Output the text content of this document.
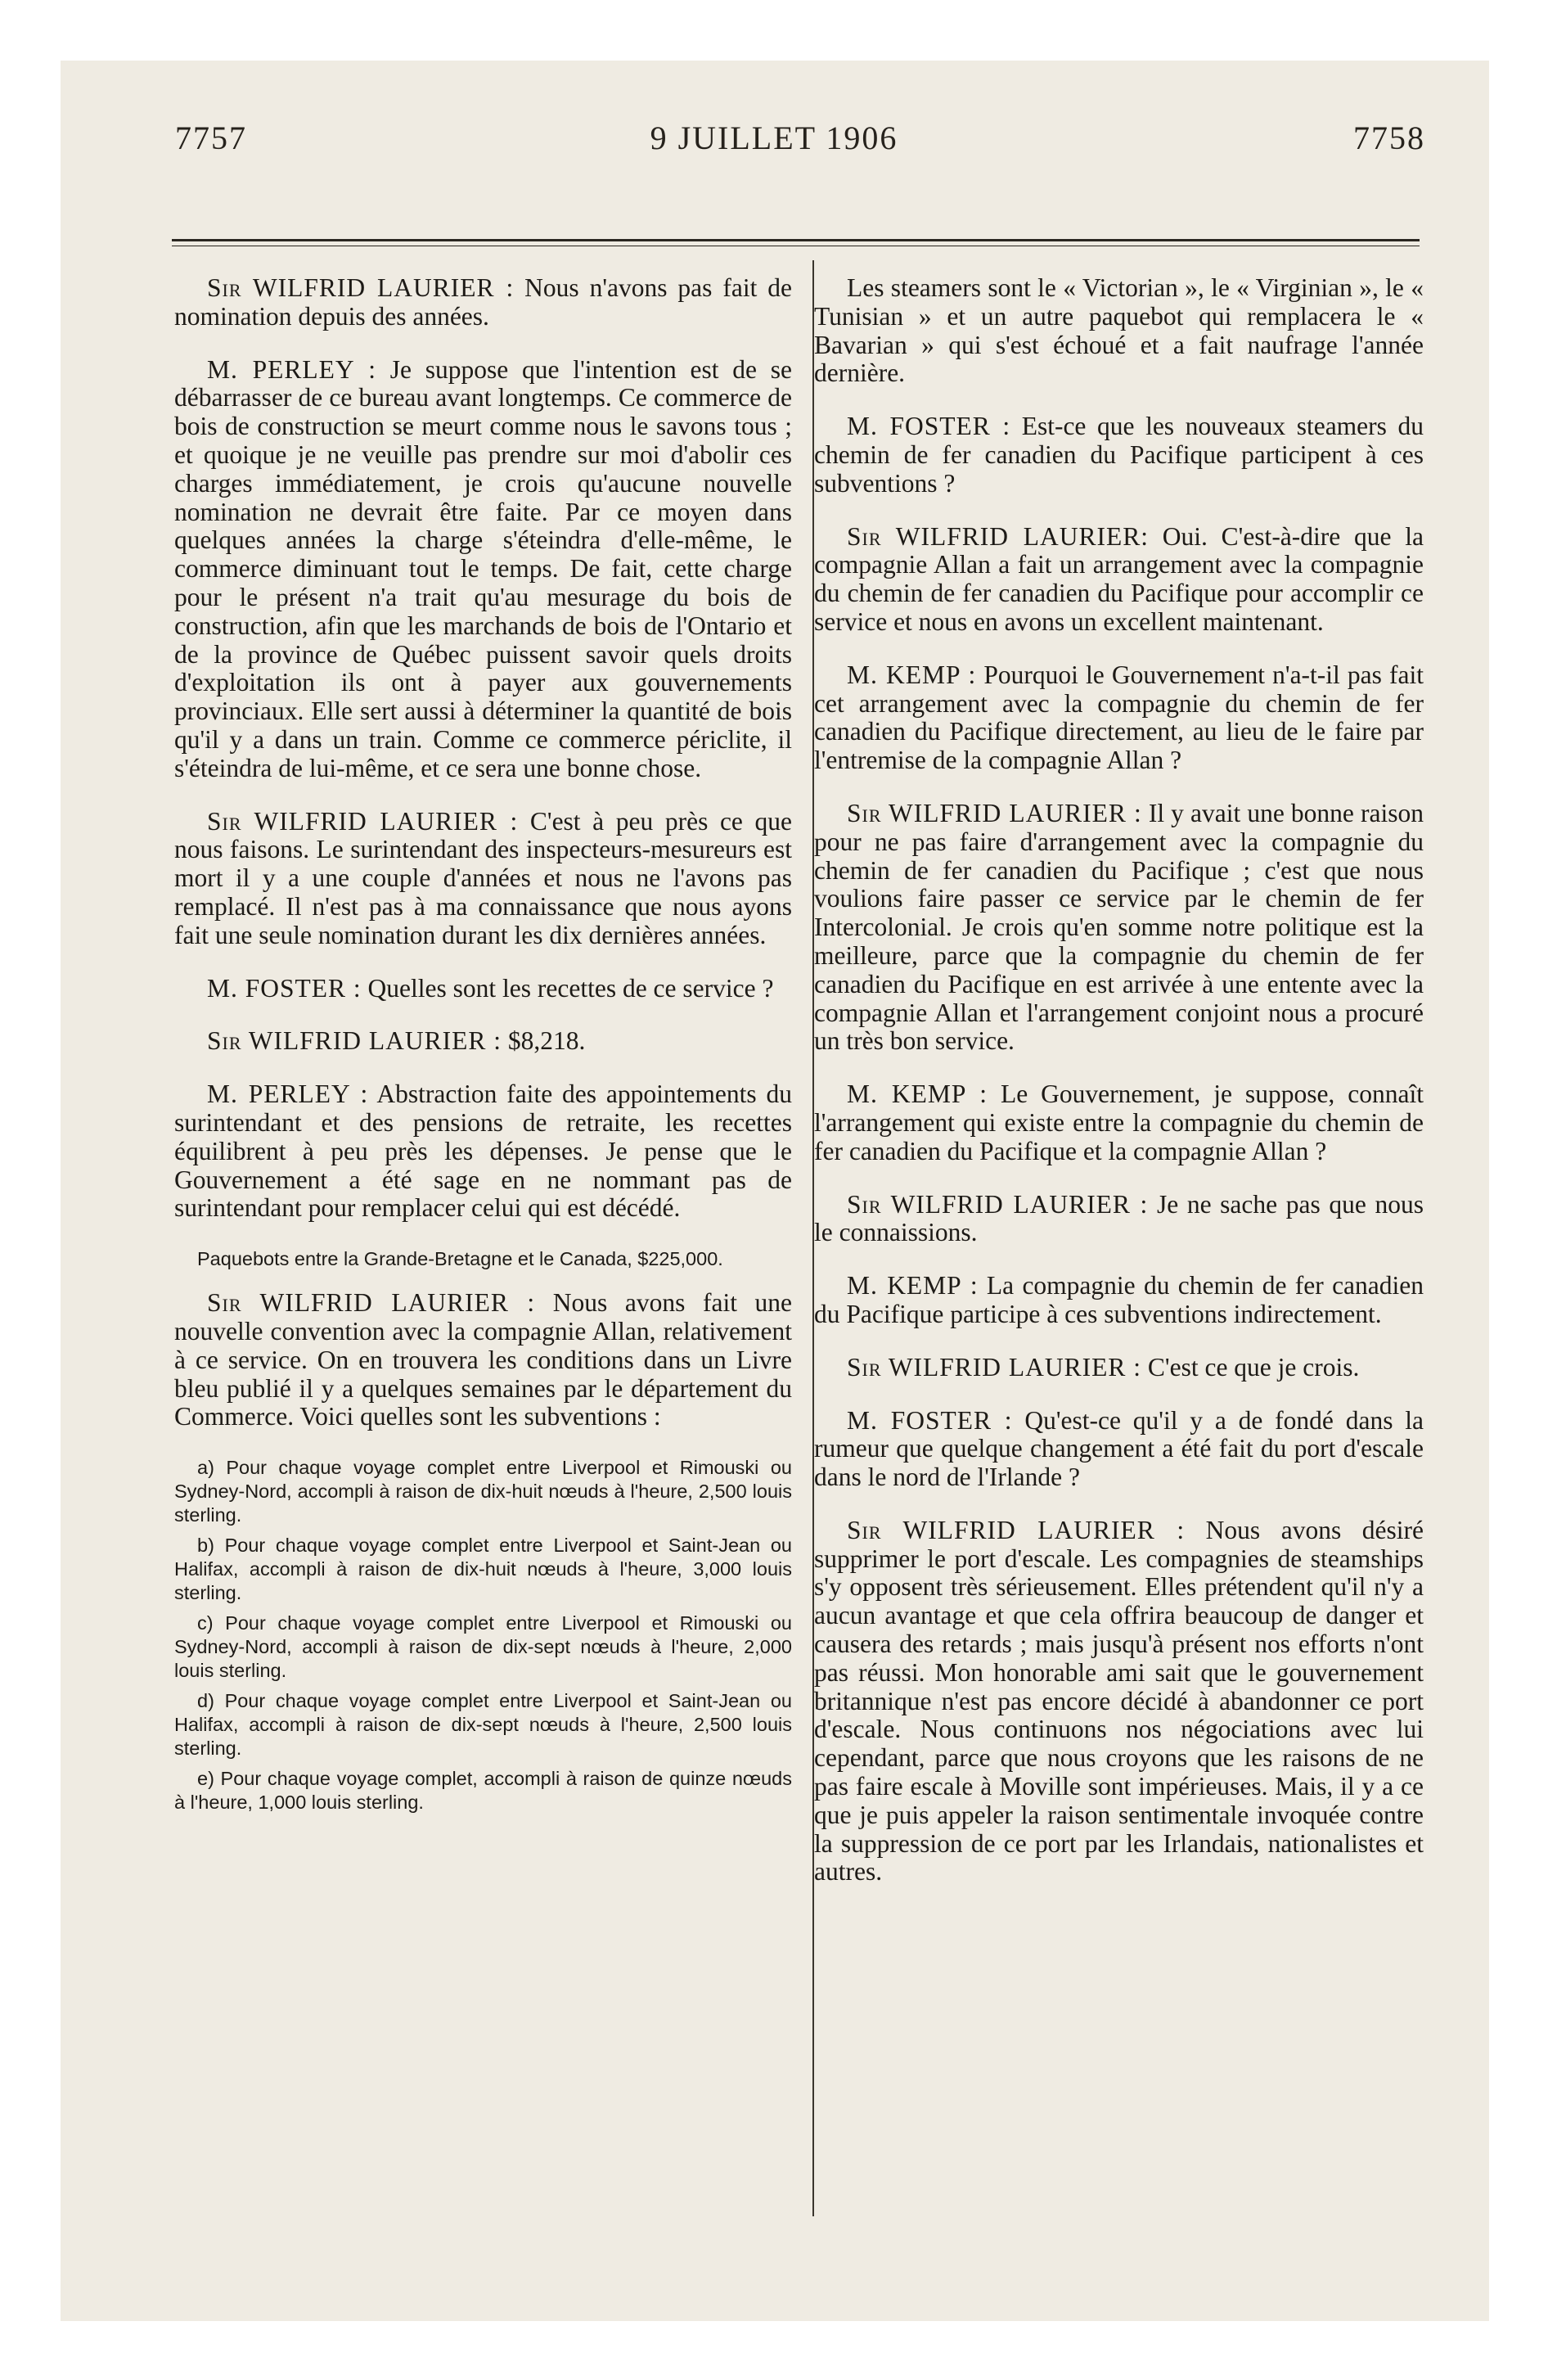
7757	9 JUILLET 1906	7758

Sir WILFRID LAURIER : Nous n'avons pas fait de nomination depuis des années.

M. PERLEY : Je suppose que l'intention est de se débarrasser de ce bureau avant longtemps. Ce commerce de bois de construction se meurt comme nous le savons tous ; et quoique je ne veuille pas prendre sur moi d'abolir ces charges immédiatement, je crois qu'aucune nouvelle nomination ne devrait être faite. Par ce moyen dans quelques années la charge s'éteindra d'elle-même, le commerce diminuant tout le temps. De fait, cette charge pour le présent n'a trait qu'au mesurage du bois de construction, afin que les marchands de bois de l'Ontario et de la province de Québec puissent savoir quels droits d'exploitation ils ont à payer aux gouvernements provinciaux. Elle sert aussi à déterminer la quantité de bois qu'il y a dans un train. Comme ce commerce périclite, il s'éteindra de lui-même, et ce sera une bonne chose.

Sir WILFRID LAURIER : C'est à peu près ce que nous faisons. Le surintendant des inspecteurs-mesureurs est mort il y a une couple d'années et nous ne l'avons pas remplacé. Il n'est pas à ma connaissance que nous ayons fait une seule nomination durant les dix dernières années.

M. FOSTER : Quelles sont les recettes de ce service ?

Sir WILFRID LAURIER : $8,218.

M. PERLEY : Abstraction faite des appointements du surintendant et des pensions de retraite, les recettes équilibrent à peu près les dépenses. Je pense que le Gouvernement a été sage en ne nommant pas de surintendant pour remplacer celui qui est décédé.

Paquebots entre la Grande-Bretagne et le Canada, $225,000.

Sir WILFRID LAURIER : Nous avons fait une nouvelle convention avec la compagnie Allan, relativement à ce service. On en trouvera les conditions dans un Livre bleu publié il y a quelques semaines par le département du Commerce. Voici quelles sont les subventions :

a) Pour chaque voyage complet entre Liverpool et Rimouski ou Sydney-Nord, accompli à raison de dix-huit nœuds à l'heure, 2,500 louis sterling.

b) Pour chaque voyage complet entre Liverpool et Saint-Jean ou Halifax, accompli à raison de dix-huit nœuds à l'heure, 3,000 louis sterling.

c) Pour chaque voyage complet entre Liverpool et Rimouski ou Sydney-Nord, accompli à raison de dix-sept nœuds à l'heure, 2,000 louis sterling.

d) Pour chaque voyage complet entre Liverpool et Saint-Jean ou Halifax, accompli à raison de dix-sept nœuds à l'heure, 2,500 louis sterling.

e) Pour chaque voyage complet, accompli à raison de quinze nœuds à l'heure, 1,000 louis sterling.

Les steamers sont le « Victorian », le « Virginian », le « Tunisian » et un autre paquebot qui remplacera le « Bavarian » qui s'est échoué et a fait naufrage l'année dernière.

M. FOSTER : Est-ce que les nouveaux steamers du chemin de fer canadien du Pacifique participent à ces subventions ?

Sir WILFRID LAURIER: Oui. C'est-à-dire que la compagnie Allan a fait un arrangement avec la compagnie du chemin de fer canadien du Pacifique pour accomplir ce service et nous en avons un excellent maintenant.

M. KEMP : Pourquoi le Gouvernement n'a-t-il pas fait cet arrangement avec la compagnie du chemin de fer canadien du Pacifique directement, au lieu de le faire par l'entremise de la compagnie Allan ?

Sir WILFRID LAURIER : Il y avait une bonne raison pour ne pas faire d'arrangement avec la compagnie du chemin de fer canadien du Pacifique ; c'est que nous voulions faire passer ce service par le chemin de fer Intercolonial. Je crois qu'en somme notre politique est la meilleure, parce que la compagnie du chemin de fer canadien du Pacifique en est arrivée à une entente avec la compagnie Allan et l'arrangement conjoint nous a procuré un très bon service.

M. KEMP : Le Gouvernement, je suppose, connaît l'arrangement qui existe entre la compagnie du chemin de fer canadien du Pacifique et la compagnie Allan ?

Sir WILFRID LAURIER : Je ne sache pas que nous le connaissions.

M. KEMP : La compagnie du chemin de fer canadien du Pacifique participe à ces subventions indirectement.

Sir WILFRID LAURIER : C'est ce que je crois.

M. FOSTER : Qu'est-ce qu'il y a de fondé dans la rumeur que quelque changement a été fait du port d'escale dans le nord de l'Irlande ?

Sir WILFRID LAURIER : Nous avons désiré supprimer le port d'escale. Les compagnies de steamships s'y opposent très sérieusement. Elles prétendent qu'il n'y a aucun avantage et que cela offrira beaucoup de danger et causera des retards ; mais jusqu'à présent nos efforts n'ont pas réussi. Mon honorable ami sait que le gouvernement britannique n'est pas encore décidé à abandonner ce port d'escale. Nous continuons nos négociations avec lui cependant, parce que nous croyons que les raisons de ne pas faire escale à Moville sont impérieuses. Mais, il y a ce que je puis appeler la raison sentimentale invoquée contre la suppression de ce port par les Irlandais, nationalistes et autres.
